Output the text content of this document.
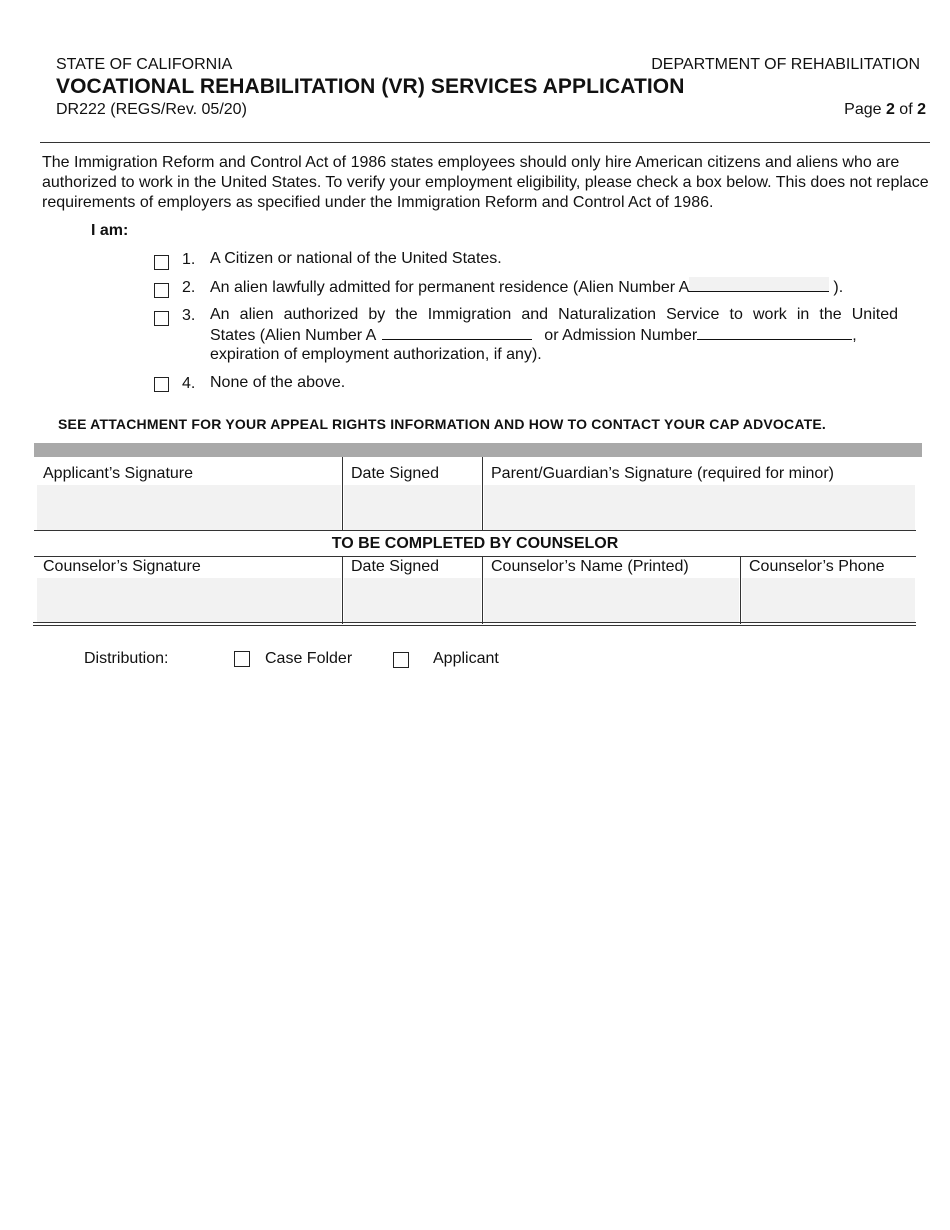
STATE OF CALIFORNIA	DEPARTMENT OF REHABILITATION
VOCATIONAL REHABILITATION (VR) SERVICES APPLICATION
DR222 (REGS/Rev. 05/20)	Page 2 of 2
The Immigration Reform and Control Act of 1986 states employees should only hire American citizens and aliens who are authorized to work in the United States. To verify your employment eligibility, please check a box below. This does not replace requirements of employers as specified under the Immigration Reform and Control Act of 1986.
I am:
1. A Citizen or national of the United States.
2. An alien lawfully admitted for permanent residence (Alien Number A	).
3. An alien authorized by the Immigration and Naturalization Service to work in the United
States (Alien Number A	or Admission Number	,
expiration of employment authorization, if any).
4. None of the above.
SEE ATTACHMENT FOR YOUR APPEAL RIGHTS INFORMATION AND HOW TO CONTACT YOUR CAP ADVOCATE.
Applicant’s Signature	Date Signed	Parent/Guardian’s Signature (required for minor)
TO BE COMPLETED BY COUNSELOR
Counselor’s Signature	Date Signed	Counselor’s Name (Printed)	Counselor’s Phone
Distribution:	Case Folder	Applicant
